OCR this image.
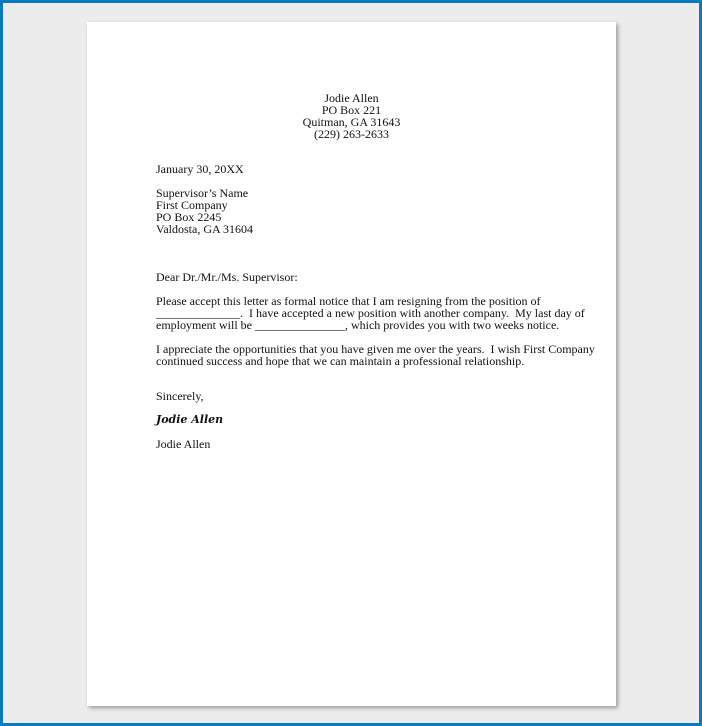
Jodie Allen
PO Box 221
Quitman, GA 31643
(229) 263-2633
January 30, 20XX
Supervisor’s Name
First Company
PO Box 2245
Valdosta, GA 31604
Dear Dr./Mr./Ms. Supervisor:
Please accept this letter as formal notice that I am resigning from the position of
______________.  I have accepted a new position with another company.  My last day of
employment will be _______________, which provides you with two weeks notice.
I appreciate the opportunities that you have given me over the years.  I wish First Company
continued success and hope that we can maintain a professional relationship.
Sincerely,
Jodie Allen
Jodie Allen
